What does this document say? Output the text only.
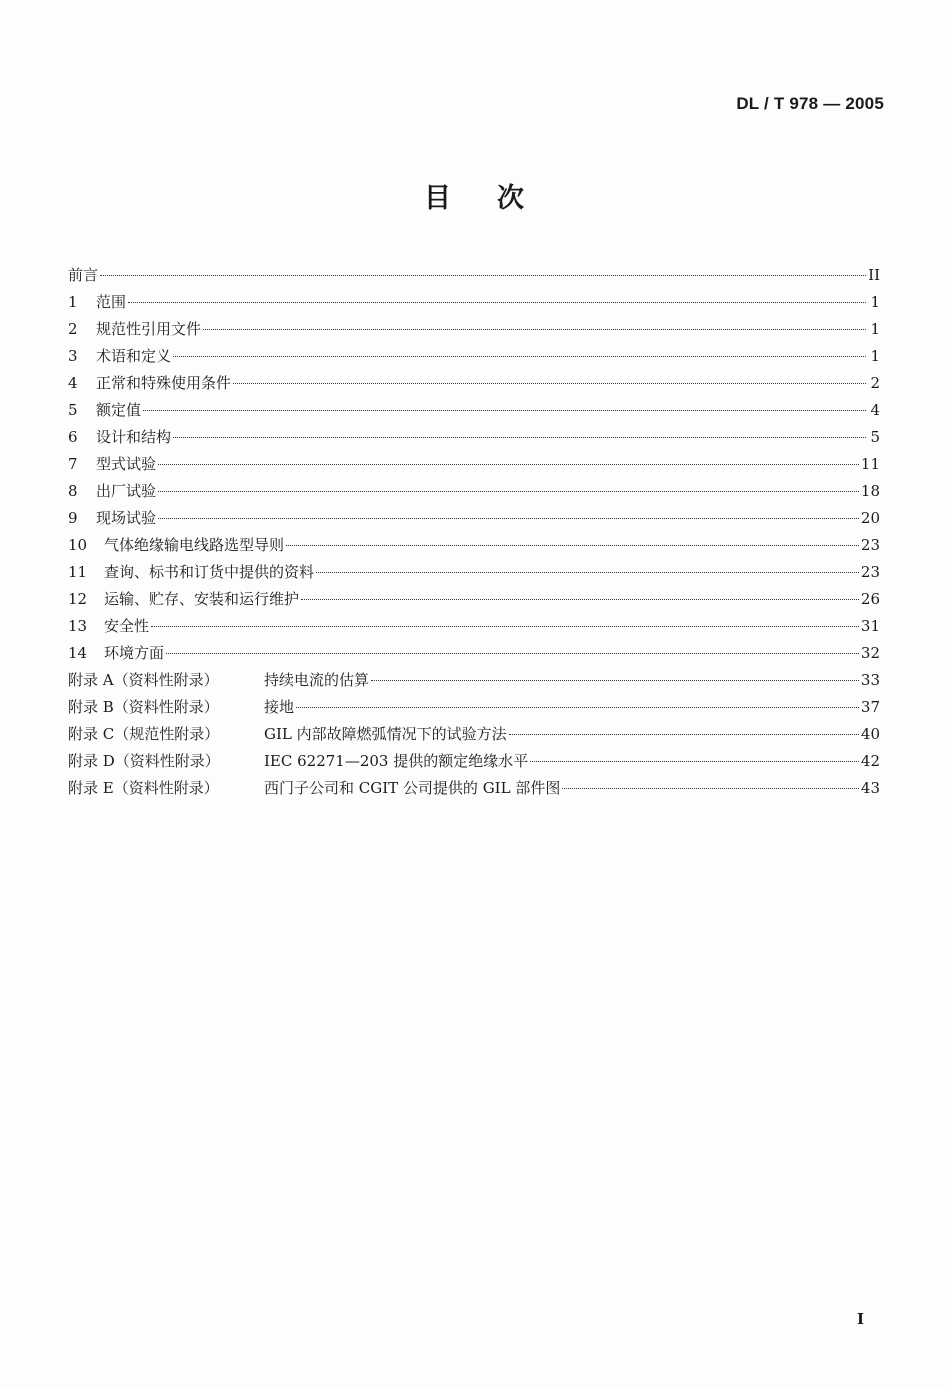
DL / T 978 — 2005
目 次
前言	II
1	范围	1
2	规范性引用文件	1
3	术语和定义	1
4	正常和特殊使用条件	2
5	额定值	4
6	设计和结构	5
7	型式试验	11
8	出厂试验	18
9	现场试验	20
10	气体绝缘输电线路选型导则	23
11	查询、标书和订货中提供的资料	23
12	运输、贮存、安装和运行维护	26
13	安全性	31
14	环境方面	32
附录 A（资料性附录）	持续电流的估算	33
附录 B（资料性附录）	接地	37
附录 C（规范性附录）	GIL 内部故障燃弧情况下的试验方法	40
附录 D（资料性附录）	IEC 62271—203 提供的额定绝缘水平	42
附录 E（资料性附录）	西门子公司和 CGIT 公司提供的 GIL 部件图	43
I
